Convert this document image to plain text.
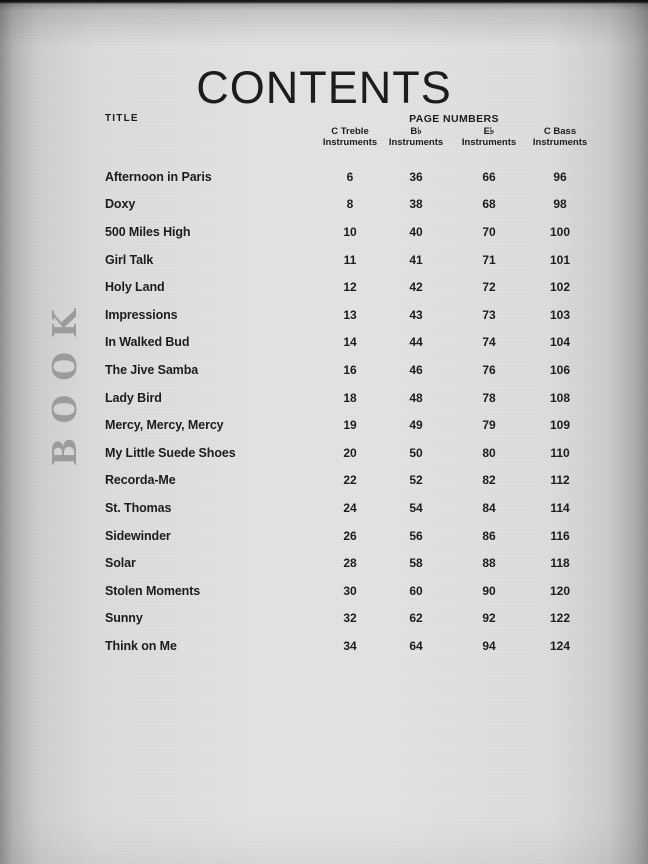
CONTENTS
BOOK
TITLE	PAGE NUMBERS
C Treble
Instruments
B♭
Instruments
E♭
Instruments
C Bass
Instruments
Afternoon in Paris	6	36	66	96
Doxy	8	38	68	98
500 Miles High	10	40	70	100
Girl Talk	11	41	71	101
Holy Land	12	42	72	102
Impressions	13	43	73	103
In Walked Bud	14	44	74	104
The Jive Samba	16	46	76	106
Lady Bird	18	48	78	108
Mercy, Mercy, Mercy	19	49	79	109
My Little Suede Shoes	20	50	80	110
Recorda-Me	22	52	82	112
St. Thomas	24	54	84	114
Sidewinder	26	56	86	116
Solar	28	58	88	118
Stolen Moments	30	60	90	120
Sunny	32	62	92	122
Think on Me	34	64	94	124
